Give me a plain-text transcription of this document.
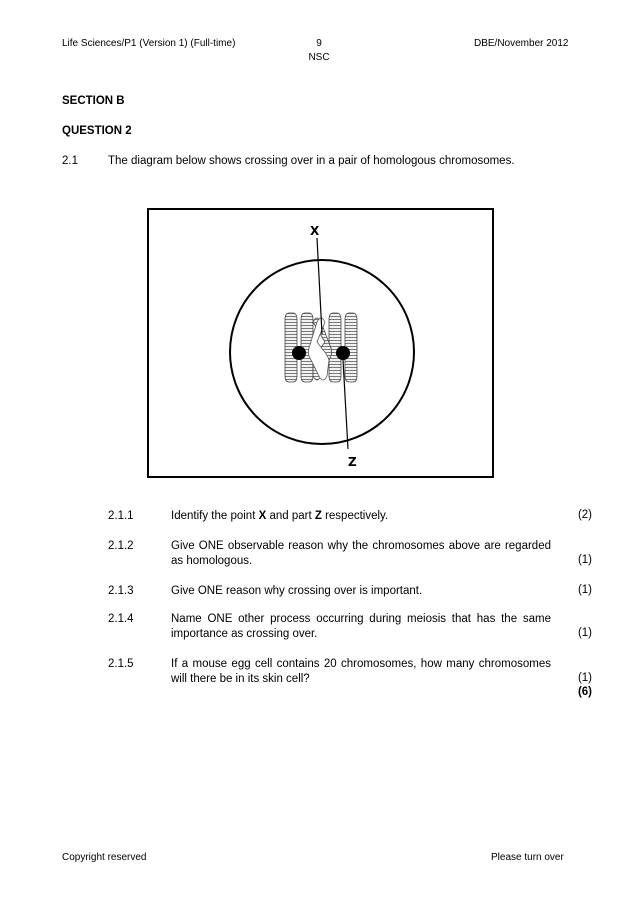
Life Sciences/P1 (Version 1) (Full-time)	9
NSC
DBE/November 2012
SECTION B
QUESTION 2
2.1	The diagram below shows crossing over in a pair of homologous chromosomes.
X
Z
2.1.1	Identify the point X and part Z respectively.	(2)
2.1.2	Give ONE observable reason why the chromosomes above are regarded as homologous.	(1)
2.1.3	Give ONE reason why crossing over is important.	(1)
2.1.4	Name ONE other process occurring during meiosis that has the same importance as crossing over.	(1)
2.1.5	If a mouse egg cell contains 20 chromosomes, how many chromosomes will there be in its skin cell?	(1)
(6)
Copyright reserved	Please turn over
